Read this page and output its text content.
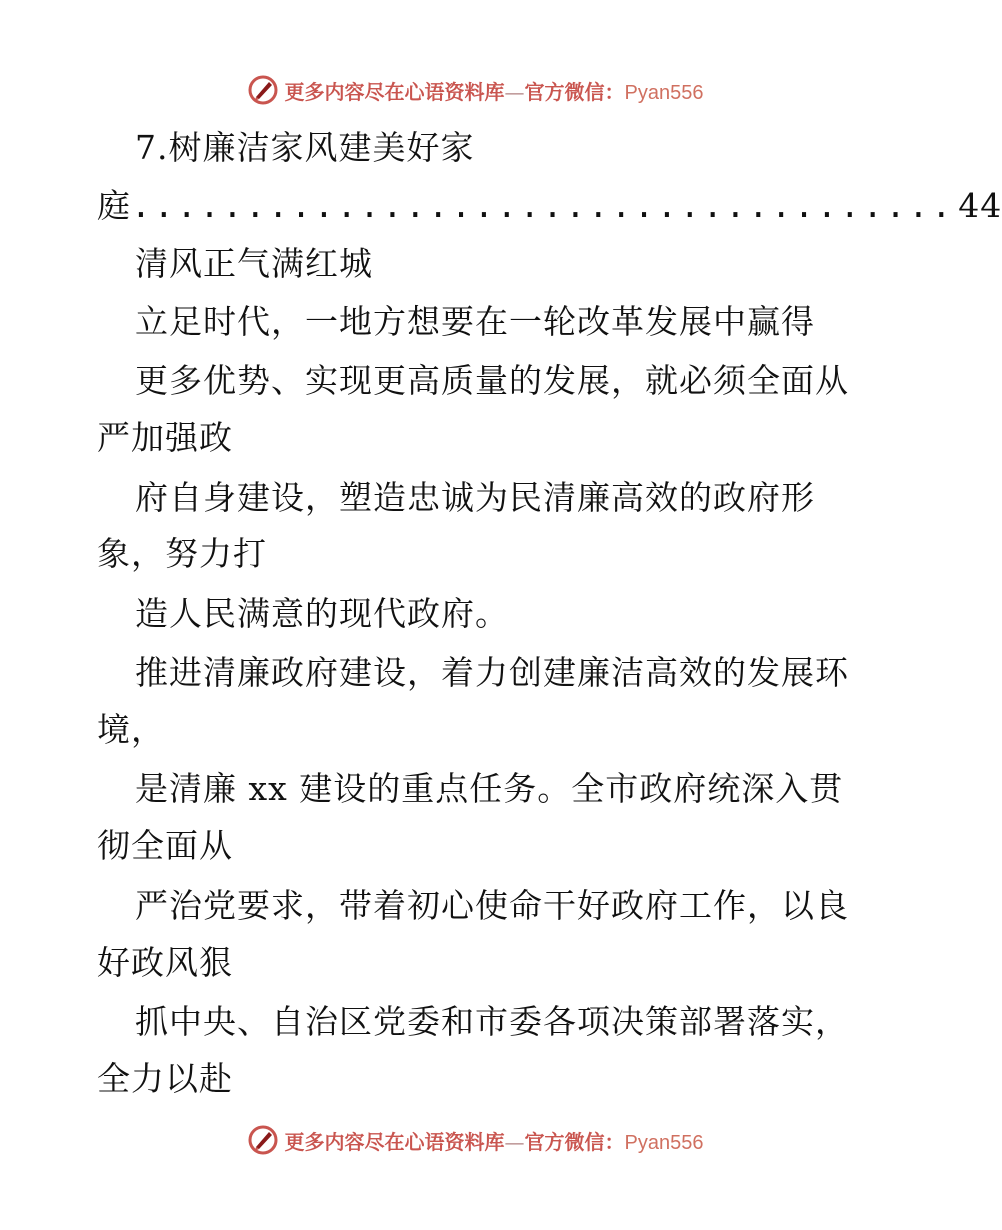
更多内容尽在心语资料库—官方微信：Pyan556
7.树廉洁家风建美好家
庭 .................................... 44
清风正气满红城
立足时代，一地方想要在一轮改革发展中赢得
更多优势、实现更高质量的发展，就必须全面从
严加强政
府自身建设，塑造忠诚为民清廉高效的政府形
象，努力打
造人民满意的现代政府。
推进清廉政府建设，着力创建廉洁高效的发展环
境，
是清廉 xx 建设的重点任务。全市政府统深入贯
彻全面从
严治党要求，带着初心使命干好政府工作，以良
好政风狠
抓中央、自治区党委和市委各项决策部署落实，
全力以赴
更多内容尽在心语资料库—官方微信：Pyan556
